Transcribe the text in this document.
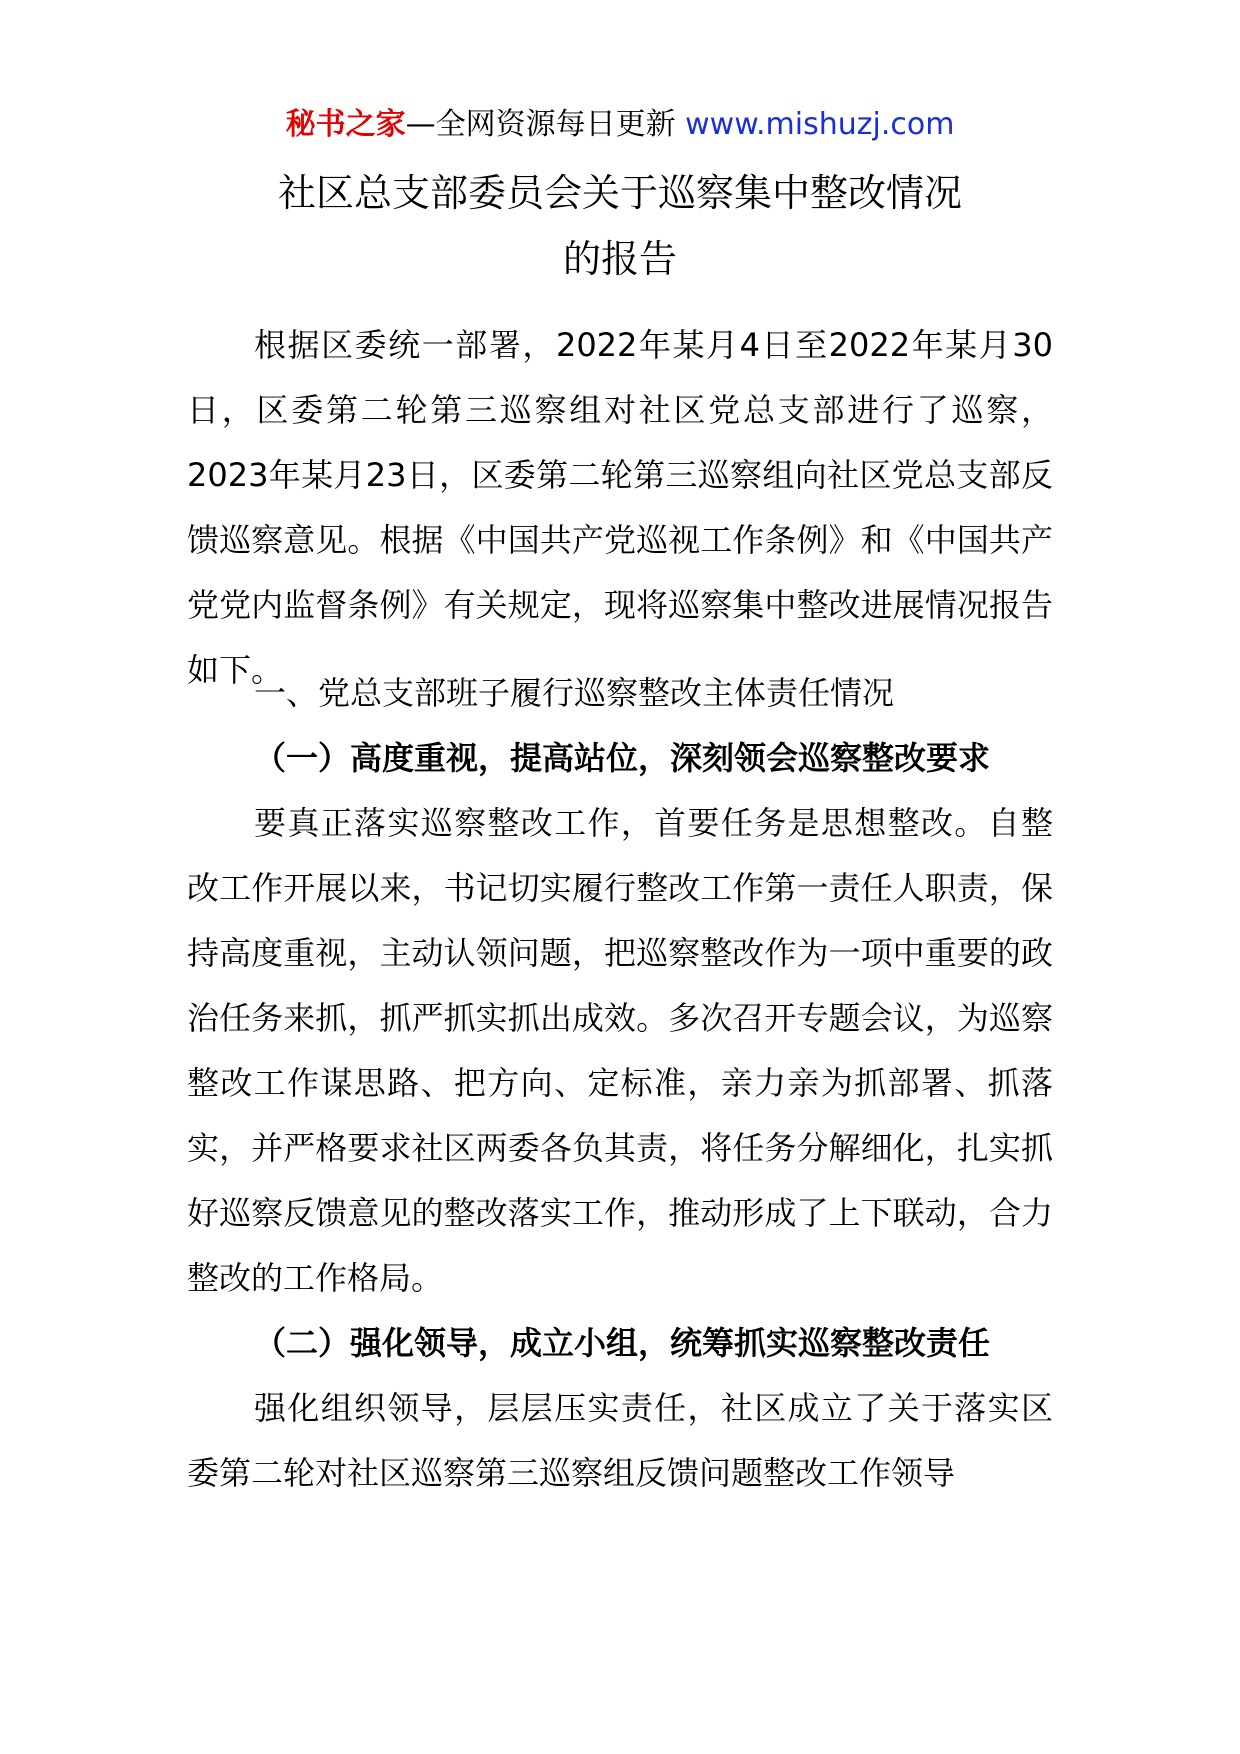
秘书之家—全网资源每日更新 www.mishuzj.com
社区总支部委员会关于巡察集中整改情况
的报告

根据区委统一部署，2022年某月4日至2022年某月30日，区委第二轮第三巡察组对社区党总支部进行了巡察，2023年某月23日，区委第二轮第三巡察组向社区党总支部反馈巡察意见。根据《中国共产党巡视工作条例》和《中国共产党党内监督条例》有关规定，现将巡察集中整改进展情况报告如下。

一、党总支部班子履行巡察整改主体责任情况

（一）高度重视，提高站位，深刻领会巡察整改要求

要真正落实巡察整改工作，首要任务是思想整改。自整改工作开展以来，书记切实履行整改工作第一责任人职责，保持高度重视，主动认领问题，把巡察整改作为一项中重要的政治任务来抓，抓严抓实抓出成效。多次召开专题会议，为巡察整改工作谋思路、把方向、定标准，亲力亲为抓部署、抓落实，并严格要求社区两委各负其责，将任务分解细化，扎实抓好巡察反馈意见的整改落实工作，推动形成了上下联动，合力整改的工作格局。

（二）强化领导，成立小组，统筹抓实巡察整改责任

强化组织领导，层层压实责任，社区成立了关于落实区委第二轮对社区巡察第三巡察组反馈问题整改工作领导
